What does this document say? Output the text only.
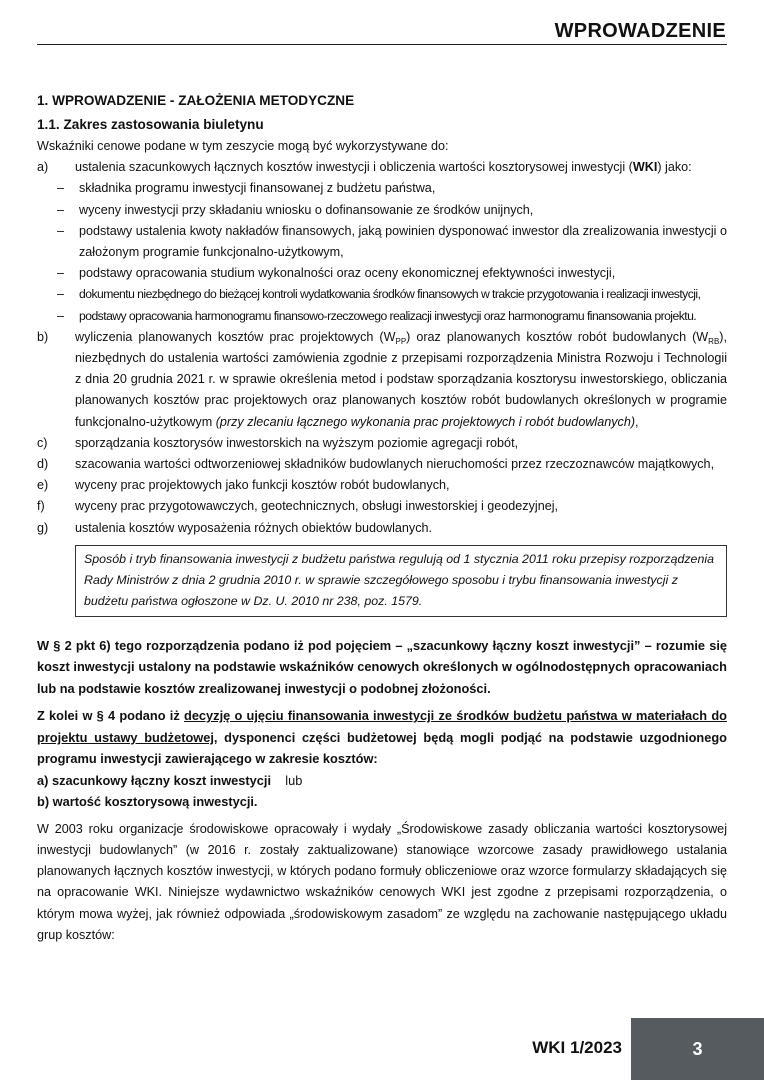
WPROWADZENIE
1. WPROWADZENIE - ZAŁOŻENIA METODYCZNE
1.1. Zakres zastosowania biuletynu
Wskaźniki cenowe podane w tym zeszycie mogą być wykorzystywane do:
a)	ustalenia szacunkowych łącznych kosztów inwestycji i obliczenia wartości kosztorysowej inwestycji (WKI) jako:
–	składnika programu inwestycji finansowanej z budżetu państwa,
–	wyceny inwestycji przy składaniu wniosku o dofinansowanie ze środków unijnych,
–	podstawy ustalenia kwoty nakładów finansowych, jaką powinien dysponować inwestor dla zrealizowania inwestycji o założonym programie funkcjonalno-użytkowym,
–	podstawy opracowania studium wykonalności oraz oceny ekonomicznej efektywności inwestycji,
–	dokumentu niezbędnego do bieżącej kontroli wydatkowania środków finansowych w trakcie przygotowania i realizacji inwestycji,
–	podstawy opracowania harmonogramu finansowo-rzeczowego realizacji inwestycji oraz harmonogramu finansowania projektu.
b)	wyliczenia planowanych kosztów prac projektowych $(W_{PP})$ oraz planowanych kosztów robót budowlanych $(W_{RB})$, niezbędnych do ustalenia wartości zamówienia zgodnie z przepisami rozporządzenia Ministra Rozwoju i Technologii z dnia 20 grudnia 2021 r. w sprawie określenia metod i podstaw sporządzania kosztorysu inwestorskiego, obliczania planowanych kosztów prac projektowych oraz planowanych kosztów robót budowlanych określonych w programie funkcjonalno-użytkowym (przy zlecaniu łącznego wykonania prac projektowych i robót budowlanych),
c)	sporządzania kosztorysów inwestorskich na wyższym poziomie agregacji robót,
d)	szacowania wartości odtworzeniowej składników budowlanych nieruchomości przez rzeczoznawców majątkowych,
e)	wyceny prac projektowych jako funkcji kosztów robót budowlanych,
f)	wyceny prac przygotowawczych, geotechnicznych, obsługi inwestorskiej i geodezyjnej,
g)	ustalenia kosztów wyposażenia różnych obiektów budowlanych.
Sposób i tryb finansowania inwestycji z budżetu państwa regulują od 1 stycznia 2011 roku przepisy rozporządzenia Rady Ministrów z dnia 2 grudnia 2010 r. w sprawie szczegółowego sposobu i trybu finansowania inwestycji z budżetu państwa ogłoszone w Dz. U. 2010 nr 238, poz. 1579.
W § 2 pkt 6) tego rozporządzenia podano iż pod pojęciem – „szacunkowy łączny koszt inwestycji” – rozumie się koszt inwestycji ustalony na podstawie wskaźników cenowych określonych w ogólnodostępnych opracowaniach lub na podstawie kosztów zrealizowanej inwestycji o podobnej złożoności.
Z kolei w § 4 podano iż decyzję o ujęciu finansowania inwestycji ze środków budżetu państwa w materiałach do projektu ustawy budżetowej, dysponenci części budżetowej będą mogli podjąć na podstawie uzgodnionego programu inwestycji zawierającego w zakresie kosztów:
a) szacunkowy łączny koszt inwestycji lub
b) wartość kosztorysową inwestycji.
W 2003 roku organizacje środowiskowe opracowały i wydały „Środowiskowe zasady obliczania wartości kosztorysowej inwestycji budowlanych” (w 2016 r. zostały zaktualizowane) stanowiące wzorcowe zasady prawidłowego ustalania planowanych łącznych kosztów inwestycji, w których podano formuły obliczeniowe oraz wzorce formularzy składających się na opracowanie WKI. Niniejsze wydawnictwo wskaźników cenowych WKI jest zgodne z przepisami rozporządzenia, o którym mowa wyżej, jak również odpowiada „środowiskowym zasadom” ze względu na zachowanie następującego układu grup kosztów:
WKI 1/2023	3
